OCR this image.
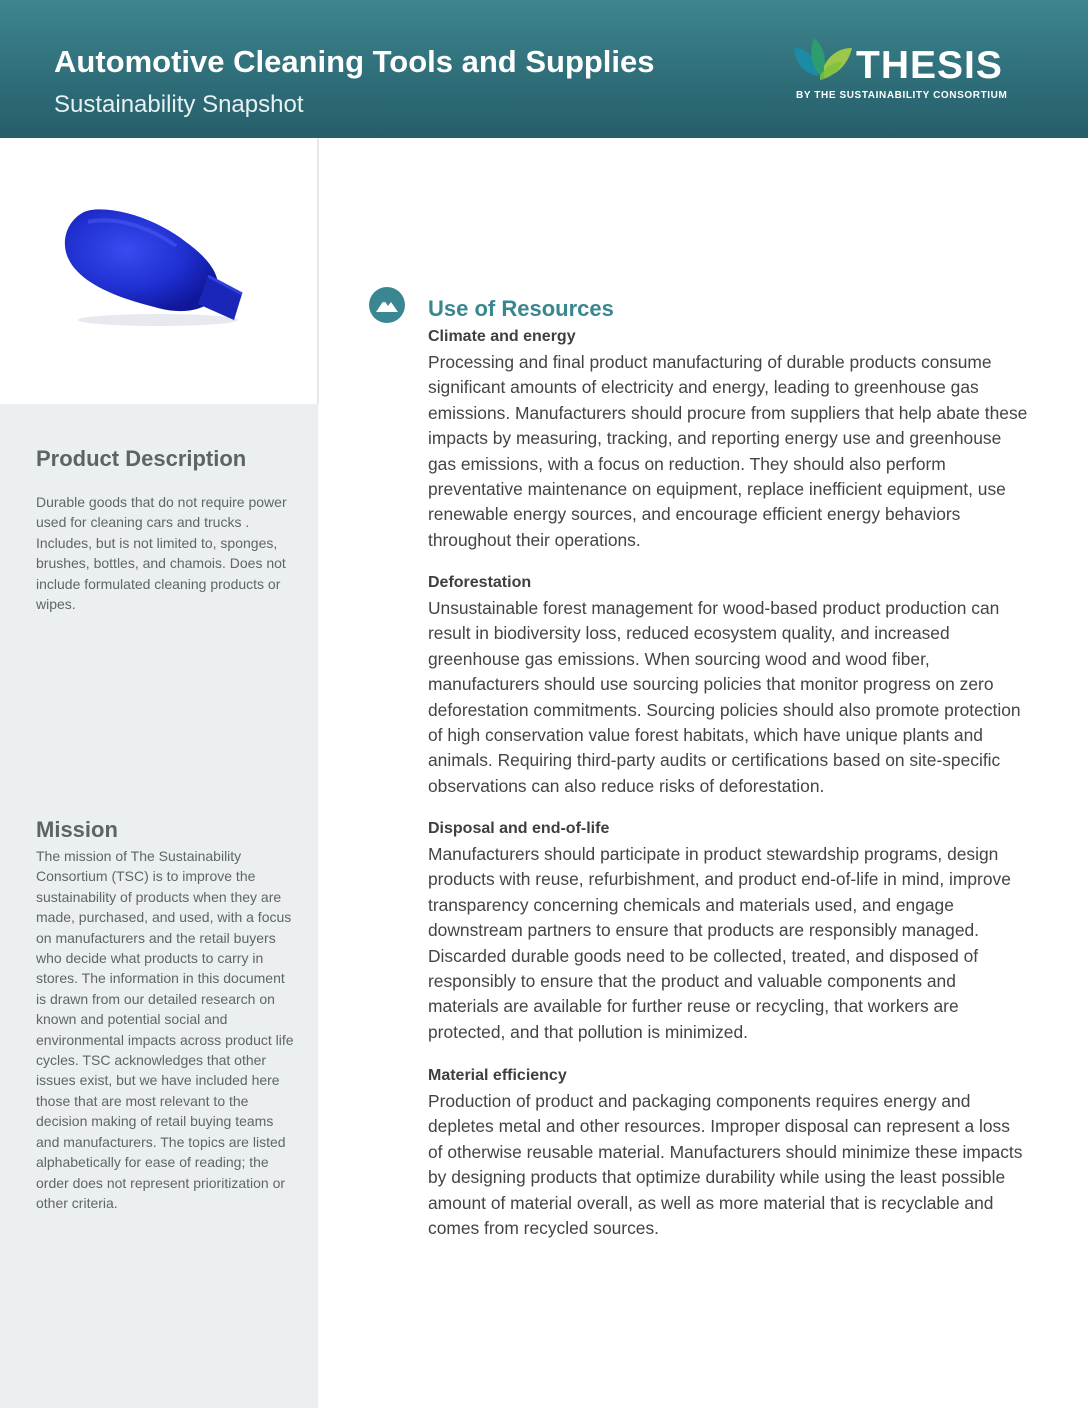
Automotive Cleaning Tools and Supplies
Sustainability Snapshot
THESIS
BY THE SUSTAINABILITY CONSORTIUM
Product Description
Durable goods that do not require power used for cleaning cars and trucks . Includes, but is not limited to, sponges, brushes, bottles, and chamois. Does not include formulated cleaning products or wipes.
Mission
The mission of The Sustainability Consortium (TSC) is to improve the sustainability of products when they are made, purchased, and used, with a focus on manufacturers and the retail buyers who decide what products to carry in stores. The information in this document is drawn from our detailed research on known and potential social and environmental impacts across product life cycles. TSC acknowledges that other issues exist, but we have included here those that are most relevant to the decision making of retail buying teams and manufacturers. The topics are listed alphabetically for ease of reading; the order does not represent prioritization or other criteria.
Use of Resources
Climate and energy
Processing and final product manufacturing of durable products consume significant amounts of electricity and energy, leading to greenhouse gas emissions. Manufacturers should procure from suppliers that help abate these impacts by measuring, tracking, and reporting energy use and greenhouse gas emissions, with a focus on reduction. They should also perform preventative maintenance on equipment, replace inefficient equipment, use renewable energy sources, and encourage efficient energy behaviors throughout their operations.
Deforestation
Unsustainable forest management for wood-based product production can result in biodiversity loss, reduced ecosystem quality, and increased greenhouse gas emissions. When sourcing wood and wood fiber, manufacturers should use sourcing policies that monitor progress on zero deforestation commitments. Sourcing policies should also promote protection of high conservation value forest habitats, which have unique plants and animals. Requiring third-party audits or certifications based on site-specific observations can also reduce risks of deforestation.
Disposal and end-of-life
Manufacturers should participate in product stewardship programs, design products with reuse, refurbishment, and product end-of-life in mind, improve transparency concerning chemicals and materials used, and engage downstream partners to ensure that products are responsibly managed. Discarded durable goods need to be collected, treated, and disposed of responsibly to ensure that the product and valuable components and materials are available for further reuse or recycling, that workers are protected, and that pollution is minimized.
Material efficiency
Production of product and packaging components requires energy and depletes metal and other resources. Improper disposal can represent a loss of otherwise reusable material. Manufacturers should minimize these impacts by designing products that optimize durability while using the least possible amount of material overall, as well as more material that is recyclable and comes from recycled sources.
